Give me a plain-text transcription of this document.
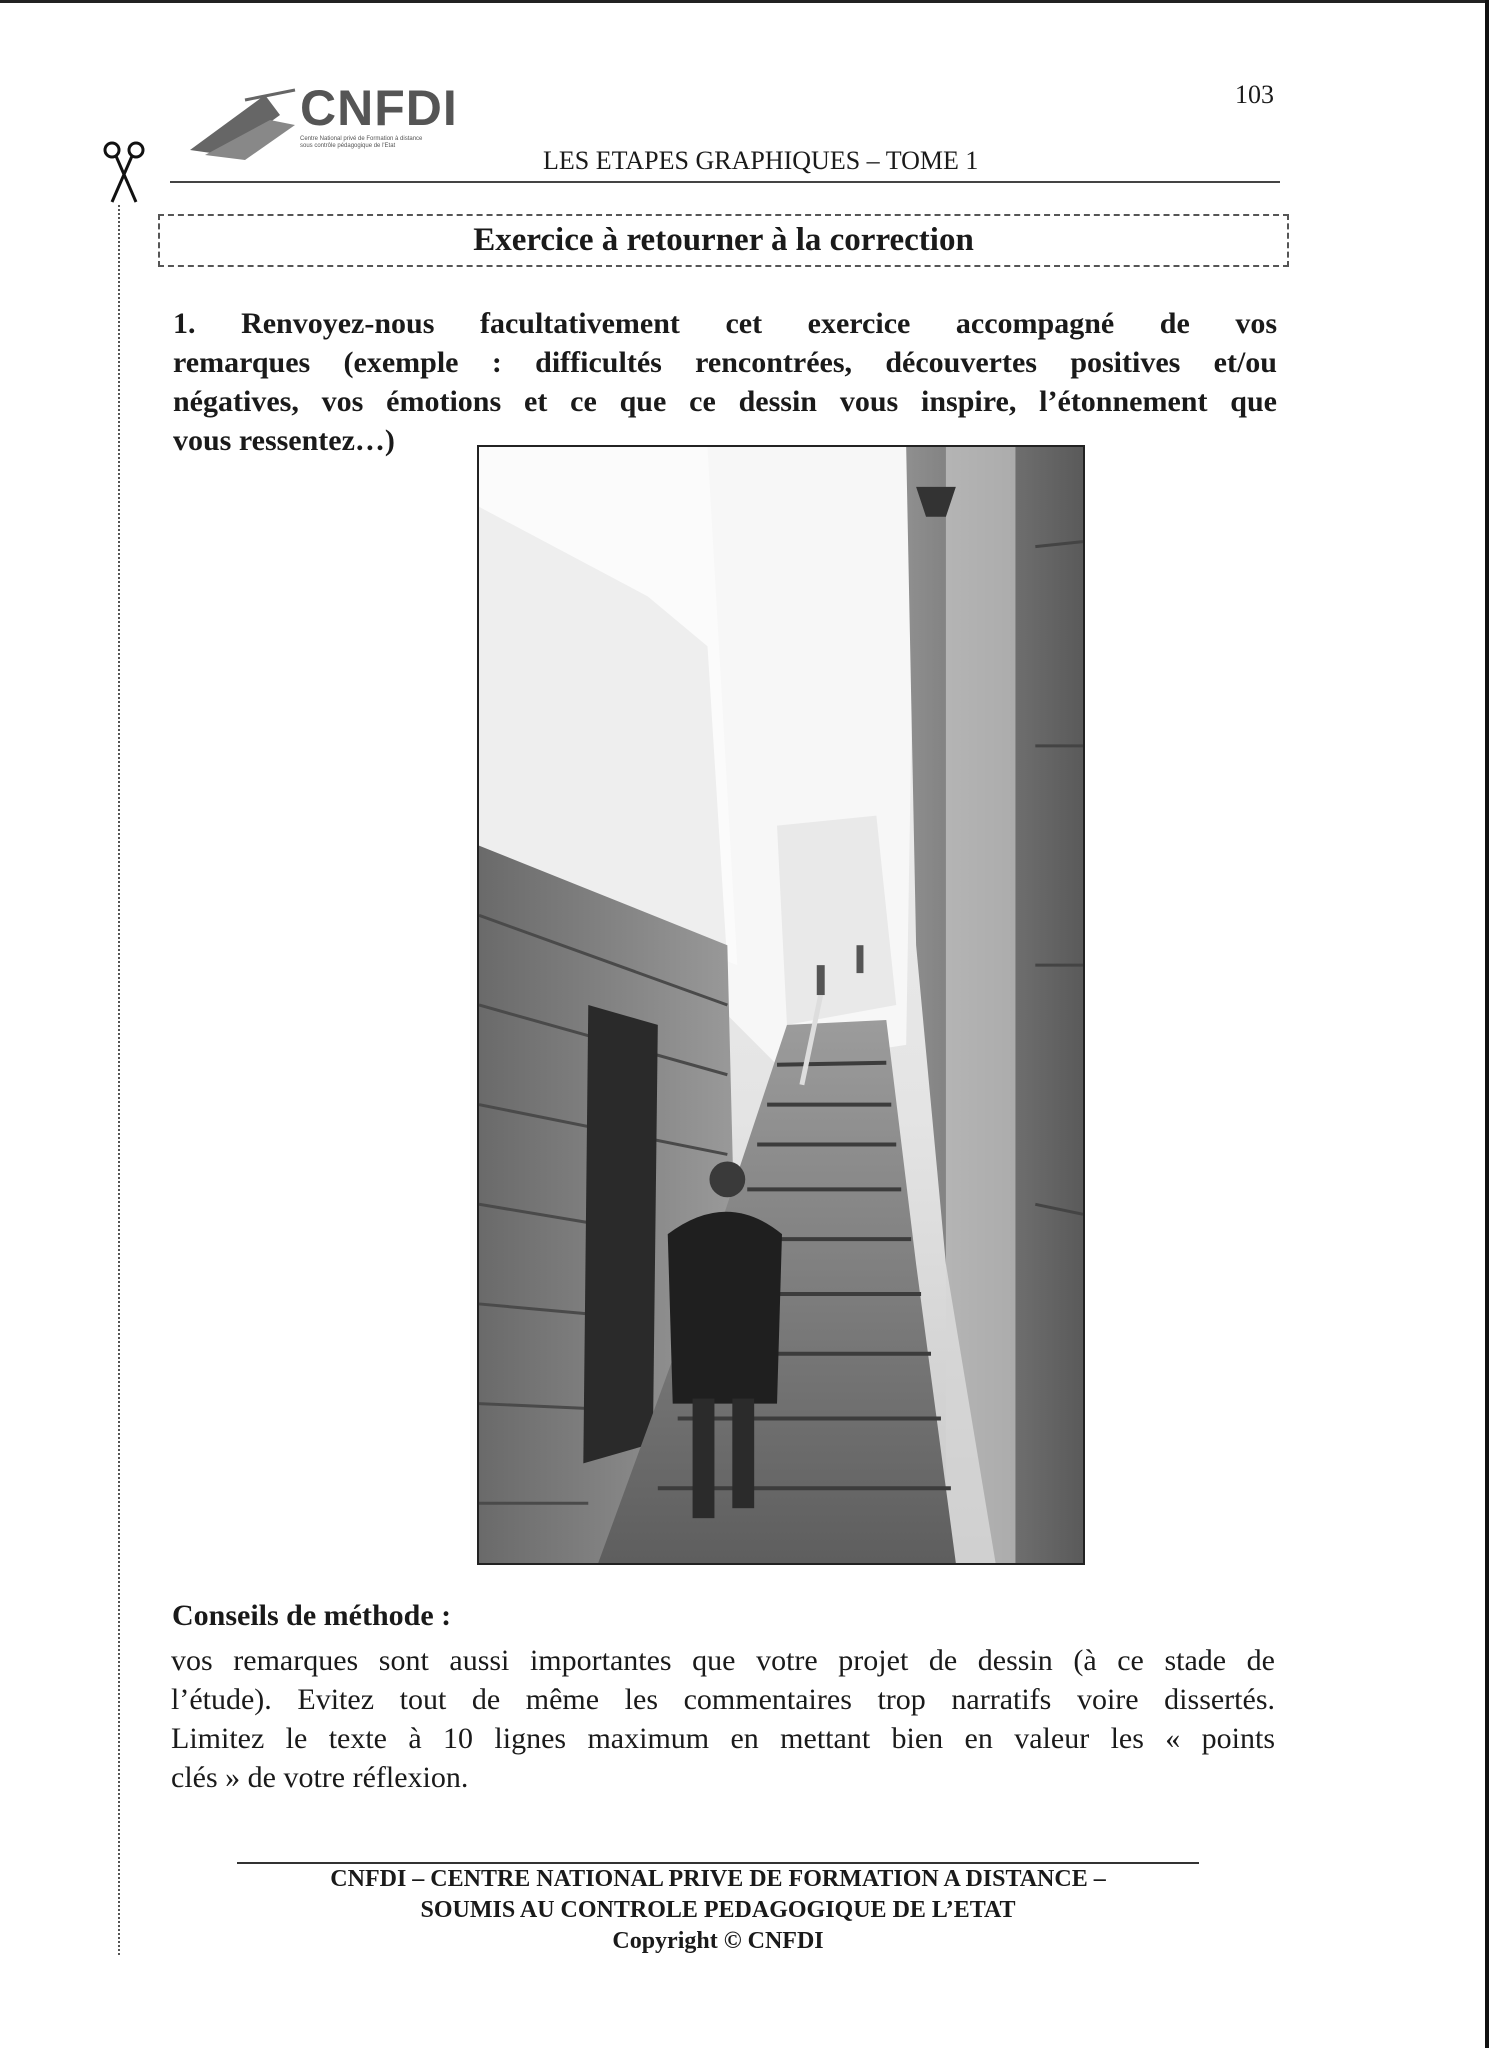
CNFDI
Centre National privé de Formation à distance
sous contrôle pédagogique de l'Etat
103
LES ETAPES GRAPHIQUES – TOME 1
Exercice à retourner à la correction
1. Renvoyez-nous facultativement cet exercice accompagné de vos
remarques (exemple : difficultés rencontrées, découvertes positives et/ou
négatives, vos émotions et ce que ce dessin vous inspire, l’étonnement que
vous ressentez…)
Conseils de méthode :
vos remarques sont aussi importantes que votre projet de dessin (à ce stade de
l’étude). Evitez tout de même les commentaires trop narratifs voire dissertés.
Limitez le texte à 10 lignes maximum en mettant bien en valeur les « points
clés » de votre réflexion.
CNFDI – CENTRE NATIONAL PRIVE DE FORMATION A DISTANCE –
SOUMIS AU CONTROLE PEDAGOGIQUE DE L’ETAT
Copyright © CNFDI
